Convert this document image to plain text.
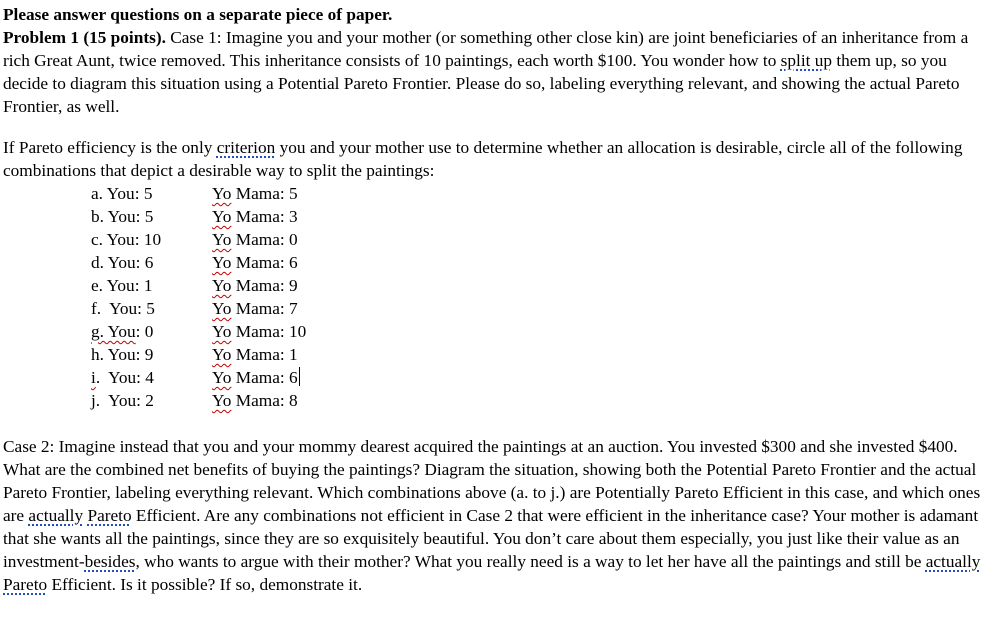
Please answer questions on a separate piece of paper.

Problem 1 (15 points). Case 1: Imagine you and your mother (or something other close kin) are joint beneficiaries of an inheritance from a rich Great Aunt, twice removed. This inheritance consists of 10 paintings, each worth $100. You wonder how to split up them up, so you decide to diagram this situation using a Potential Pareto Frontier. Please do so, labeling everything relevant, and showing the actual Pareto Frontier, as well.

If Pareto efficiency is the only criterion you and your mother use to determine whether an allocation is desirable, circle all of the following combinations that depict a desirable way to split the paintings:

a. You: 5	Yo Mama: 5
b. You: 5	Yo Mama: 3
c. You: 10	Yo Mama: 0
d. You: 6	Yo Mama: 6
e. You: 1	Yo Mama: 9
f.  You: 5	Yo Mama: 7
g. You: 0	Yo Mama: 10
h. You: 9	Yo Mama: 1
i.  You: 4	Yo Mama: 6
j.  You: 2	Yo Mama: 8

Case 2: Imagine instead that you and your mommy dearest acquired the paintings at an auction. You invested $300 and she invested $400. What are the combined net benefits of buying the paintings? Diagram the situation, showing both the Potential Pareto Frontier and the actual Pareto Frontier, labeling everything relevant. Which combinations above (a. to j.) are Potentially Pareto Efficient in this case, and which ones are actually Pareto Efficient. Are any combinations not efficient in Case 2 that were efficient in the inheritance case? Your mother is adamant that she wants all the paintings, since they are so exquisitely beautiful. You don’t care about them especially, you just like their value as an investment-besides, who wants to argue with their mother? What you really need is a way to let her have all the paintings and still be actually Pareto Efficient. Is it possible? If so, demonstrate it.
